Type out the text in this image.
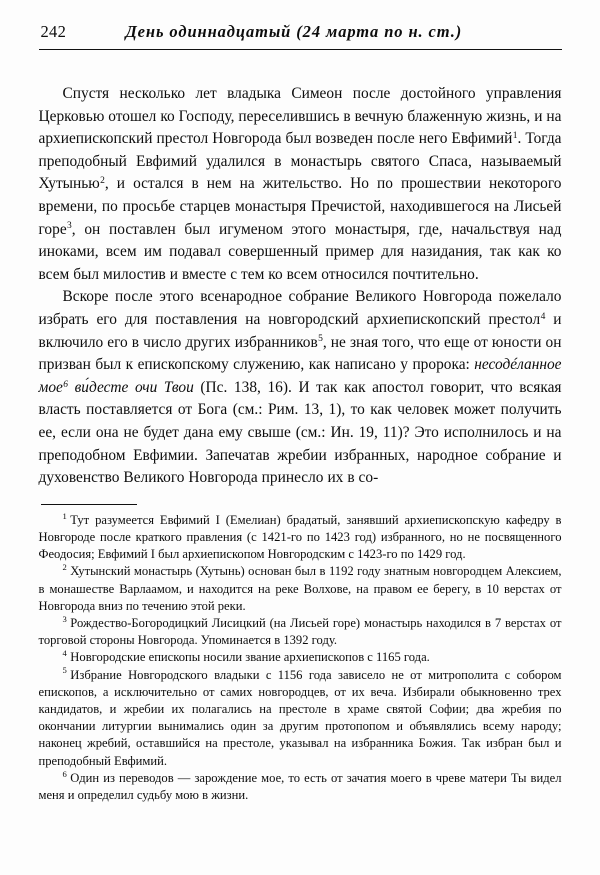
242	День одиннадцатый (24 марта по н. ст.)

Спустя несколько лет владыка Симеон после достойного управления Церковью отошел ко Господу, переселившись в вечную блаженную жизнь, и на архиепископский престол Новгорода был возведен после него Евфимий$^1$. Тогда преподобный Евфимий удалился в монастырь святого Спаса, называемый Хутынью$^2$, и остался в нем на жительство. Но по прошествии некоторого времени, по просьбе старцев монастыря Пречистой, находившегося на Лисьей горе$^3$, он поставлен был игуменом этого монастыря, где, начальствуя над иноками, всем им подавал совершенный пример для назидания, так как ко всем был милостив и вместе с тем ко всем относился почтительно.

Вскоре после этого всенародное собрание Великого Новгорода пожелало избрать его для поставления на новгородский архиепископский престол$^4$ и включило его в число других избранников$^5$, не зная того, что еще от юности он призван был к епископскому служению, как написано у пророка: несодéланное мое$^6$ ви́десте очи Твои (Пс. 138, 16). И так как апостол говорит, что всякая власть поставляется от Бога (см.: Рим. 13, 1), то как человек может получить ее, если она не будет дана ему свыше (см.: Ин. 19, 11)? Это исполнилось и на преподобном Евфимии. Запечатав жребии избранных, народное собрание и духовенство Великого Новгорода принесло их в со-

$^1$ Тут разумеется Евфимий I (Емелиан) брадатый, занявший архиепископскую кафедру в Новгороде после краткого правления (с 1421-го по 1423 год) избранного, но не посвященного Феодосия; Евфимий I был архиепископом Новгородским с 1423-го по 1429 год.

$^2$ Хутынский монастырь (Хутынь) основан был в 1192 году знатным новгородцем Алексием, в монашестве Варлаамом, и находится на реке Волхове, на правом ее берегу, в 10 верстах от Новгорода вниз по течению этой реки.

$^3$ Рождество-Богородицкий Лисицкий (на Лисьей горе) монастырь находился в 7 верстах от торговой стороны Новгорода. Упоминается в 1392 году.

$^4$ Новгородские епископы носили звание архиепископов с 1165 года.

$^5$ Избрание Новгородского владыки с 1156 года зависело не от митрополита с собором епископов, а исключительно от самих новгородцев, от их веча. Избирали обыкновенно трех кандидатов, и жребии их полагались на престоле в храме святой Софии; два жребия по окончании литургии вынимались один за другим протопопом и объявлялись всему народу; наконец жребий, оставшийся на престоле, указывал на избранника Божия. Так избран был и преподобный Евфимий.

$^6$ Один из переводов — зарождение мое, то есть от зачатия моего в чреве матери Ты видел меня и определил судьбу мою в жизни.
